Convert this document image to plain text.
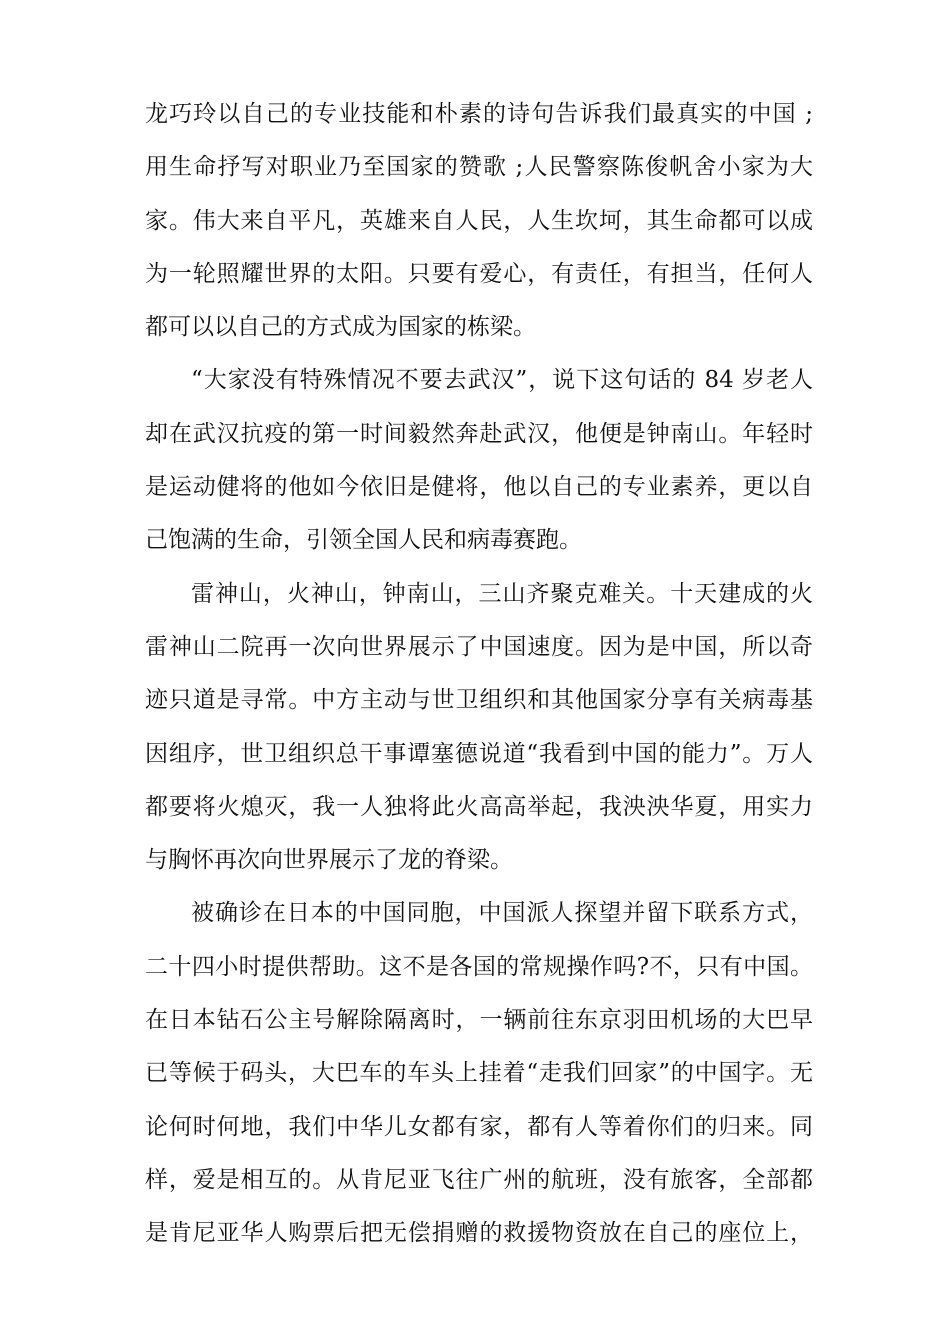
龙巧玲以自己的专业技能和朴素的诗句告诉我们最真实的中国 ;
用生命抒写对职业乃至国家的赞歌 ;人民警察陈俊帆舍小家为大
家。伟大来自平凡，英雄来自人民，人生坎坷，其生命都可以成
为一轮照耀世界的太阳。只要有爱心，有责任，有担当，任何人
都可以以自己的方式成为国家的栋梁。
“大家没有特殊情况不要去武汉”，说下这句话的 84 岁老人
却在武汉抗疫的第一时间毅然奔赴武汉，他便是钟南山。年轻时
是运动健将的他如今依旧是健将，他以自己的专业素养，更以自
己饱满的生命，引领全国人民和病毒赛跑。
雷神山，火神山，钟南山，三山齐聚克难关。十天建成的火
雷神山二院再一次向世界展示了中国速度。因为是中国，所以奇
迹只道是寻常。中方主动与世卫组织和其他国家分享有关病毒基
因组序，世卫组织总干事谭塞德说道“我看到中国的能力”。万人
都要将火熄灭，我一人独将此火高高举起，我泱泱华夏，用实力
与胸怀再次向世界展示了龙的脊梁。
被确诊在日本的中国同胞，中国派人探望并留下联系方式，
二十四小时提供帮助。这不是各国的常规操作吗?不，只有中国。
在日本钻石公主号解除隔离时，一辆前往东京羽田机场的大巴早
已等候于码头，大巴车的车头上挂着“走我们回家”的中国字。无
论何时何地，我们中华儿女都有家，都有人等着你们的归来。同
样，爱是相互的。从肯尼亚飞往广州的航班，没有旅客，全部都
是肯尼亚华人购票后把无偿捐赠的救援物资放在自己的座位上，
